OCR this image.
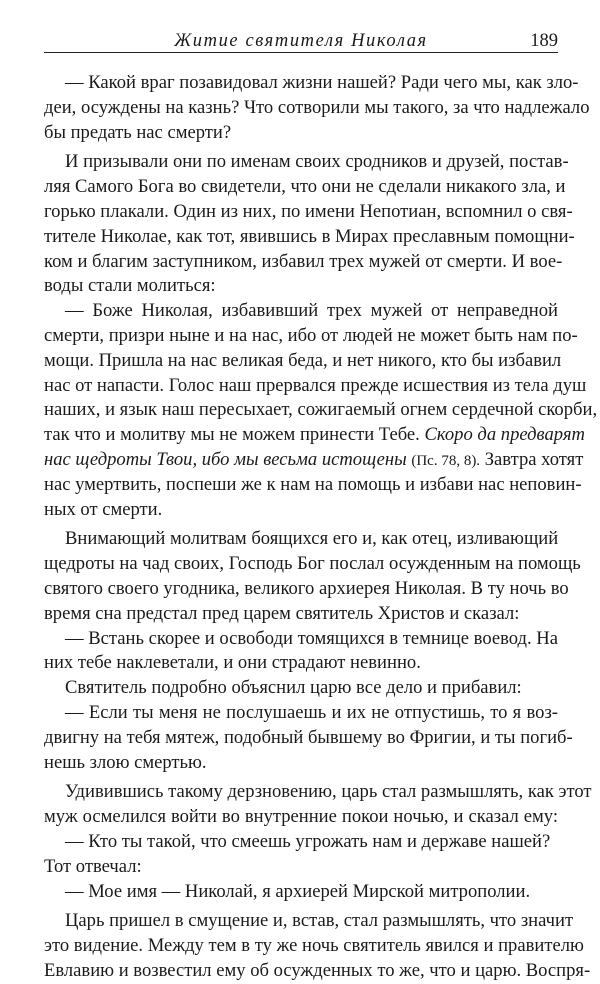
Житие святителя Николая	189
— Какой враг позавидовал жизни нашей? Ради чего мы, как зло-
деи, осуждены на казнь? Что сотворили мы такого, за что надлежало
бы предать нас смерти?
И призывали они по именам своих сродников и друзей, постав-
ляя Самого Бога во свидетели, что они не сделали никакого зла, и
горько плакали. Один из них, по имени Непотиан, вспомнил о свя-
тителе Николае, как тот, явившись в Мирах преславным помощни-
ком и благим заступником, избавил трех мужей от смерти. И вое-
воды стали молиться:
— Боже Николая, избавивший трех мужей от неправедной
смерти, призри ныне и на нас, ибо от людей не может быть нам по-
мощи. Пришла на нас великая беда, и нет никого, кто бы избавил
нас от напасти. Голос наш прервался прежде исшествия из тела душ
наших, и язык наш пересыхает, сожигаемый огнем сердечной скорби,
так что и молитву мы не можем принести Тебе. Скоро да предварят
нас щедроты Твои, ибо мы весьма истощены (Пс. 78, 8). Завтра хотят
нас умертвить, поспеши же к нам на помощь и избави нас неповин-
ных от смерти.
Внимающий молитвам боящихся его и, как отец, изливающий
щедроты на чад своих, Господь Бог послал осужденным на помощь
святого своего угодника, великого архиерея Николая. В ту ночь во
время сна предстал пред царем святитель Христов и сказал:
— Встань скорее и освободи томящихся в темнице воевод. На
них тебе наклеветали, и они страдают невинно.
Святитель подробно объяснил царю все дело и прибавил:
— Если ты меня не послушаешь и их не отпустишь, то я воз-
двигну на тебя мятеж, подобный бывшему во Фригии, и ты погиб-
нешь злою смертью.
Удивившись такому дерзновению, царь стал размышлять, как этот
муж осмелился войти во внутренние покои ночью, и сказал ему:
— Кто ты такой, что смеешь угрожать нам и державе нашей?
Тот отвечал:
— Мое имя — Николай, я архиерей Мирской митрополии.
Царь пришел в смущение и, встав, стал размышлять, что значит
это видение. Между тем в ту же ночь святитель явился и правителю
Евлавию и возвестил ему об осужденных то же, что и царю. Воспря-
